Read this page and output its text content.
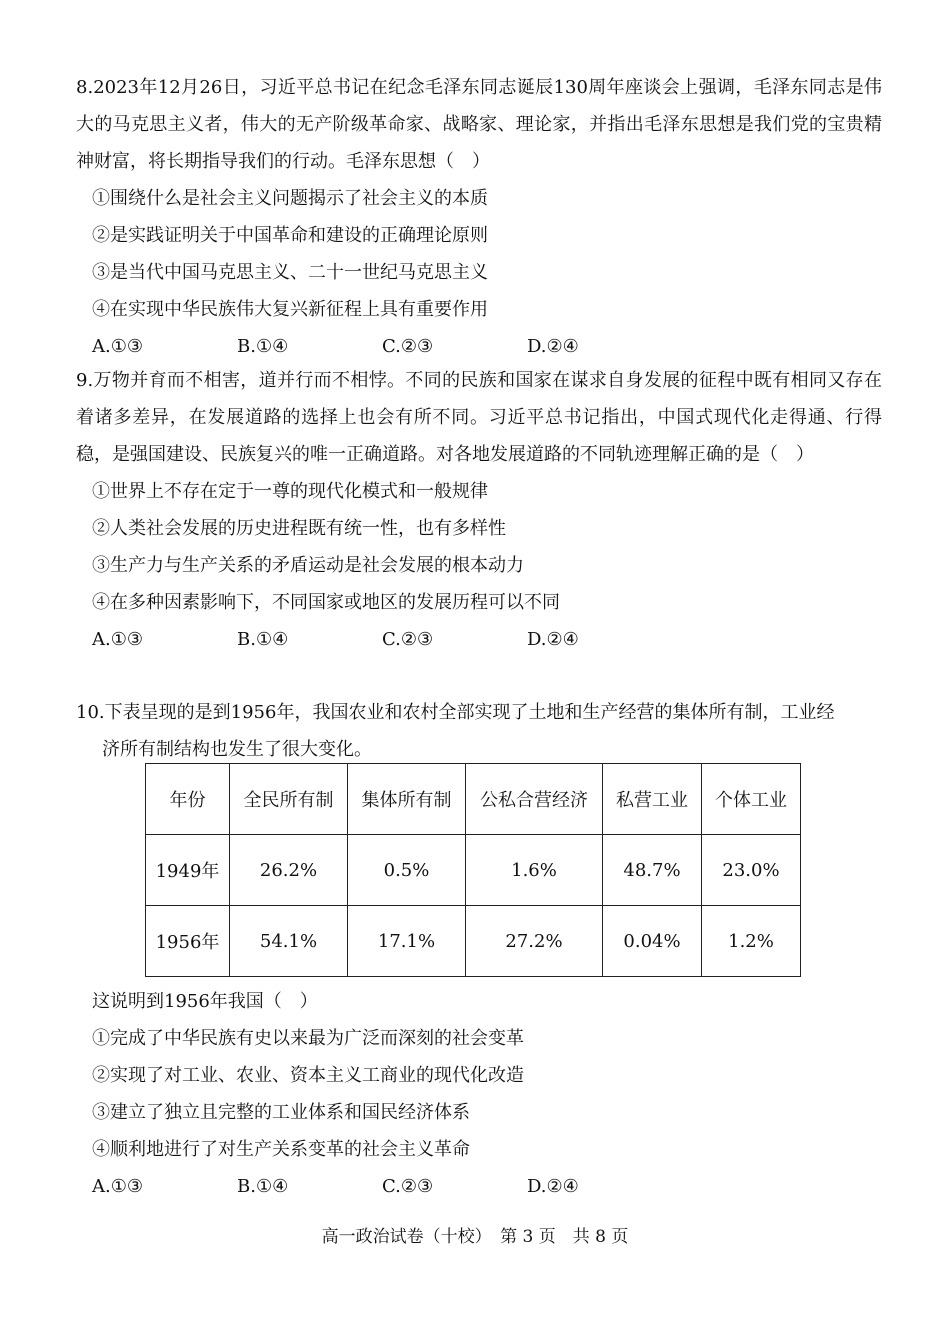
8.2023年12月26日，习近平总书记在纪念毛泽东同志诞辰130周年座谈会上强调，毛泽东同志是伟大的马克思主义者，伟大的无产阶级革命家、战略家、理论家，并指出毛泽东思想是我们党的宝贵精神财富，将长期指导我们的行动。毛泽东思想（　）

①围绕什么是社会主义问题揭示了社会主义的本质

②是实践证明关于中国革命和建设的正确理论原则

③是当代中国马克思主义、二十一世纪马克思主义

④在实现中华民族伟大复兴新征程上具有重要作用

A.①③	B.①④	C.②③	D.②④

9.万物并育而不相害，道并行而不相悖。不同的民族和国家在谋求自身发展的征程中既有相同又存在着诸多差异，在发展道路的选择上也会有所不同。习近平总书记指出，中国式现代化走得通、行得稳，是强国建设、民族复兴的唯一正确道路。对各地发展道路的不同轨迹理解正确的是（　）

①世界上不存在定于一尊的现代化模式和一般规律

②人类社会发展的历史进程既有统一性，也有多样性

③生产力与生产关系的矛盾运动是社会发展的根本动力

④在多种因素影响下，不同国家或地区的发展历程可以不同

A.①③	B.①④	C.②③	D.②④

10.下表呈现的是到1956年，我国农业和农村全部实现了土地和生产经营的集体所有制，工业经

济所有制结构也发生了很大变化。

年份	全民所有制	集体所有制	公私合营经济	私营工业	个体工业
1949年	26.2%	0.5%	1.6%	48.7%	23.0%
1956年	54.1%	17.1%	27.2%	0.04%	1.2%

这说明到1956年我国（　）

①完成了中华民族有史以来最为广泛而深刻的社会变革

②实现了对工业、农业、资本主义工商业的现代化改造

③建立了独立且完整的工业体系和国民经济体系

④顺利地进行了对生产关系变革的社会主义革命

A.①③	B.①④	C.②③	D.②④
高一政治试卷（十校）　第 3 页　共 8 页
